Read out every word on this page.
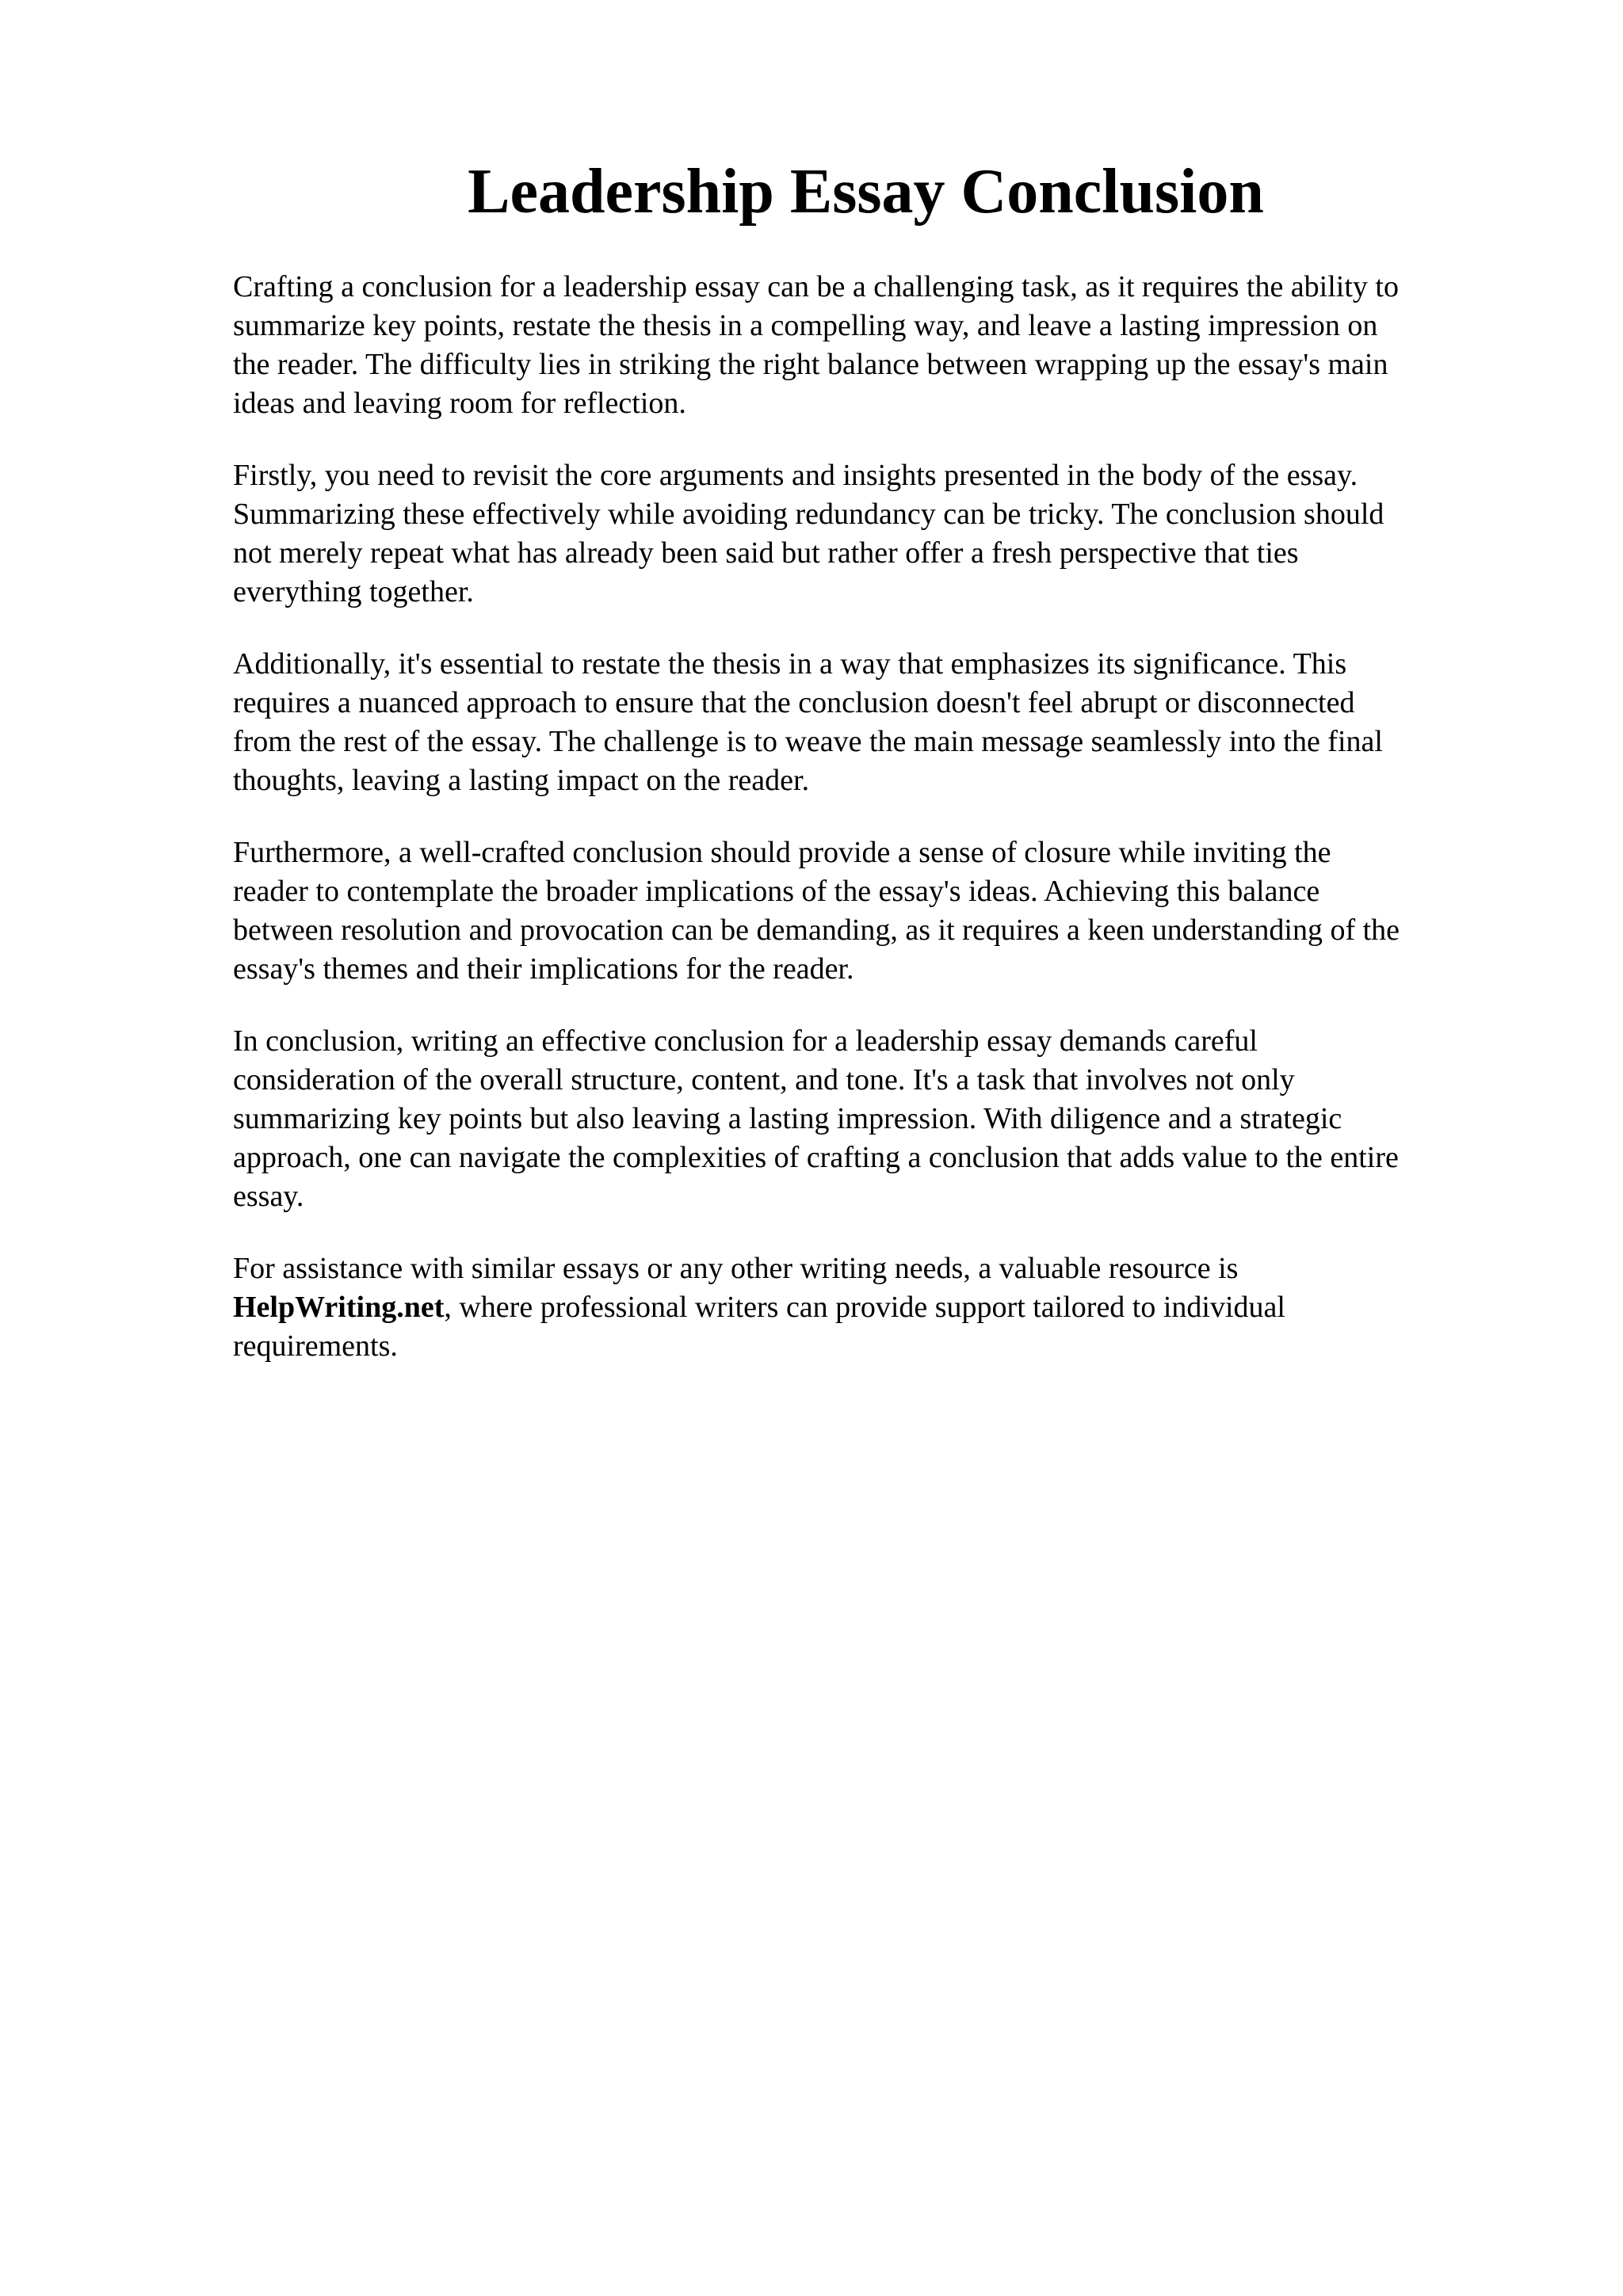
Leadership Essay Conclusion

Crafting a conclusion for a leadership essay can be a challenging task, as it requires the ability to
summarize key points, restate the thesis in a compelling way, and leave a lasting impression on
the reader. The difficulty lies in striking the right balance between wrapping up the essay's main
ideas and leaving room for reflection.

Firstly, you need to revisit the core arguments and insights presented in the body of the essay.
Summarizing these effectively while avoiding redundancy can be tricky. The conclusion should
not merely repeat what has already been said but rather offer a fresh perspective that ties
everything together.

Additionally, it's essential to restate the thesis in a way that emphasizes its significance. This
requires a nuanced approach to ensure that the conclusion doesn't feel abrupt or disconnected
from the rest of the essay. The challenge is to weave the main message seamlessly into the final
thoughts, leaving a lasting impact on the reader.

Furthermore, a well-crafted conclusion should provide a sense of closure while inviting the
reader to contemplate the broader implications of the essay's ideas. Achieving this balance
between resolution and provocation can be demanding, as it requires a keen understanding of the
essay's themes and their implications for the reader.

In conclusion, writing an effective conclusion for a leadership essay demands careful
consideration of the overall structure, content, and tone. It's a task that involves not only
summarizing key points but also leaving a lasting impression. With diligence and a strategic
approach, one can navigate the complexities of crafting a conclusion that adds value to the entire
essay.

For assistance with similar essays or any other writing needs, a valuable resource is
HelpWriting.net, where professional writers can provide support tailored to individual
requirements.
